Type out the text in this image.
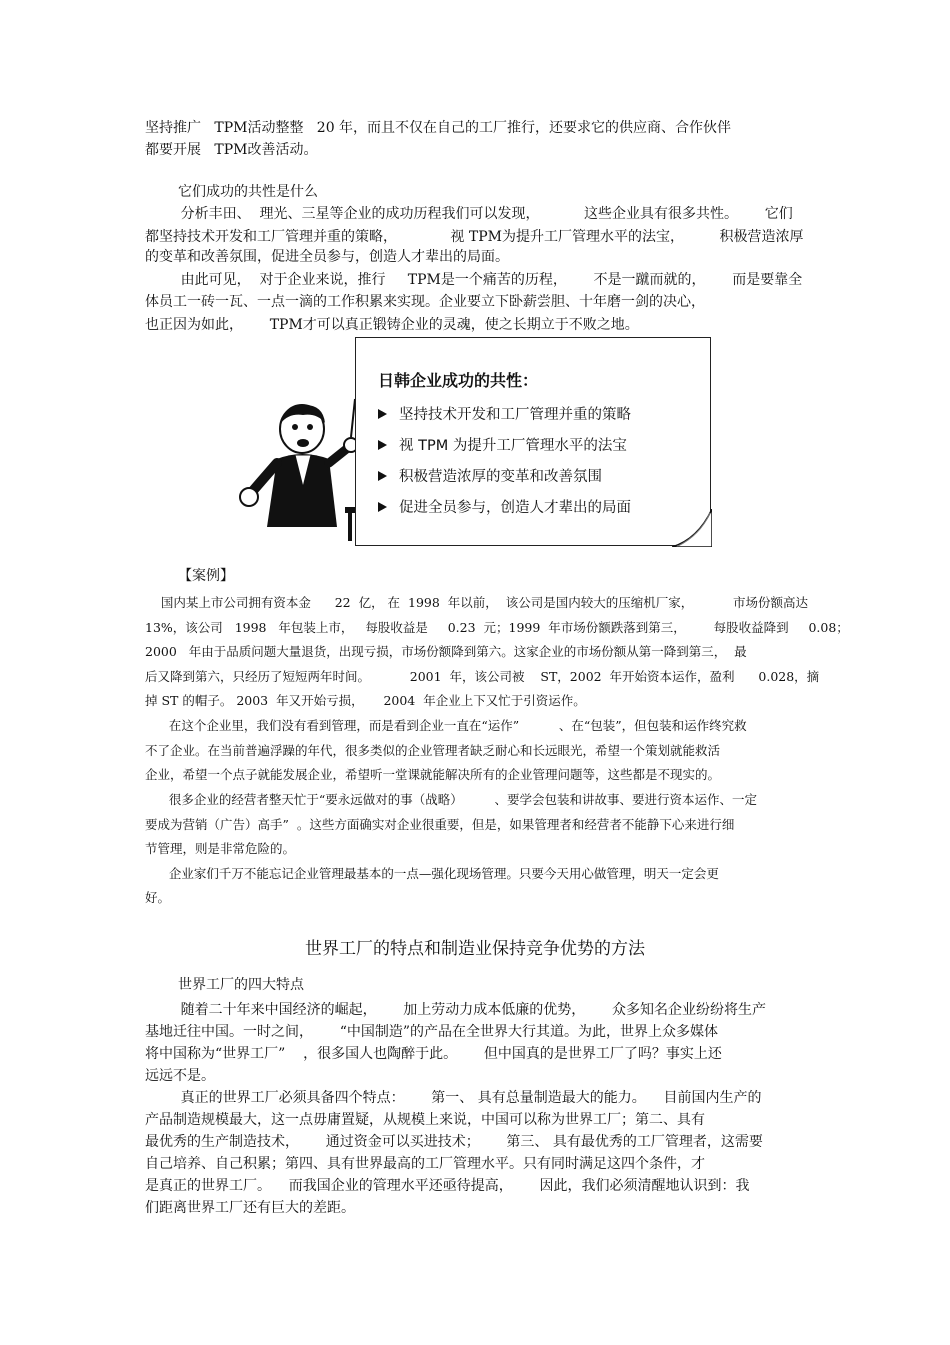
坚持推广   TPM活动整整   20 年，而且不仅在自己的工厂推行，还要求它的供应商、合作伙伴
都要开展   TPM改善活动。
它们成功的共性是什么
分析丰田、  理光、三星等企业的成功历程我们可以发现，          这些企业具有很多共性。      它们
都坚持技术开发和工厂管理并重的策略，            视 TPM为提升工厂管理水平的法宝，        积极营造浓厚
的变革和改善氛围，促进全员参与，创造人才辈出的局面。
由此可见，  对于企业来说，推行     TPM是一个痛苦的历程，      不是一蹴而就的，      而是要靠全
体员工一砖一瓦、一点一滴的工作积累来实现。企业要立下卧薪尝胆、十年磨一剑的决心，
也正因为如此，      TPM才可以真正锻铸企业的灵魂，使之长期立于不败之地。
日韩企业成功的共性：
坚持技术开发和工厂管理并重的策略
视 TPM 为提升工厂管理水平的法宝
积极营造浓厚的变革和改善氛围
促进全员参与，创造人才辈出的局面
【案例】
国内某上市公司拥有资本金      22  亿， 在  1998  年以前，  该公司是国内较大的压缩机厂家，          市场份额高达
13%，该公司   1998   年包装上市，   每股收益是     0.23  元；1999  年市场份额跌落到第三，       每股收益降到     0.08；
2000   年由于品质问题大量退货，出现亏损，市场份额降到第六。这家企业的市场份额从第一降到第三，  最
后又降到第六，只经历了短短两年时间。          2001  年，该公司被    ST，2002  年开始资本运作，盈利      0.028，摘
掉 ST 的帽子。 2003  年又开始亏损，     2004  年企业上下又忙于引资运作。
在这个企业里，我们没有看到管理，而是看到企业一直在“运作”          、在“包装”，但包装和运作终究救
不了企业。在当前普遍浮躁的年代，很多类似的企业管理者缺乏耐心和长远眼光，希望一个策划就能救活
企业，希望一个点子就能发展企业，希望听一堂课就能解决所有的企业管理问题等，这些都是不现实的。
很多企业的经营者整天忙于“要永远做对的事（战略）        、要学会包装和讲故事、要进行资本运作、一定
要成为营销（广告）高手”  。这些方面确实对企业很重要，但是，如果管理者和经营者不能静下心来进行细
节管理，则是非常危险的。
企业家们千万不能忘记企业管理最基本的一点—强化现场管理。只要今天用心做管理，明天一定会更
好。
世界工厂的特点和制造业保持竞争优势的方法
世界工厂的四大特点
随着二十年来中国经济的崛起，      加上劳动力成本低廉的优势，      众多知名企业纷纷将生产
基地迁往中国。一时之间，      “中国制造”的产品在全世界大行其道。为此，世界上众多媒体
将中国称为“世界工厂”    ，很多国人也陶醉于此。      但中国真的是世界工厂了吗？事实上还
远远不是。
真正的世界工厂必须具备四个特点：      第一、 具有总量制造最大的能力。    目前国内生产的
产品制造规模最大，这一点毋庸置疑，从规模上来说，中国可以称为世界工厂；第二、具有
最优秀的生产制造技术，      通过资金可以买进技术；      第三、 具有最优秀的工厂管理者，这需要
自己培养、自己积累；第四、具有世界最高的工厂管理水平。只有同时满足这四个条件，才
是真正的世界工厂。    而我国企业的管理水平还亟待提高，      因此，我们必须清醒地认识到：我
们距离世界工厂还有巨大的差距。
